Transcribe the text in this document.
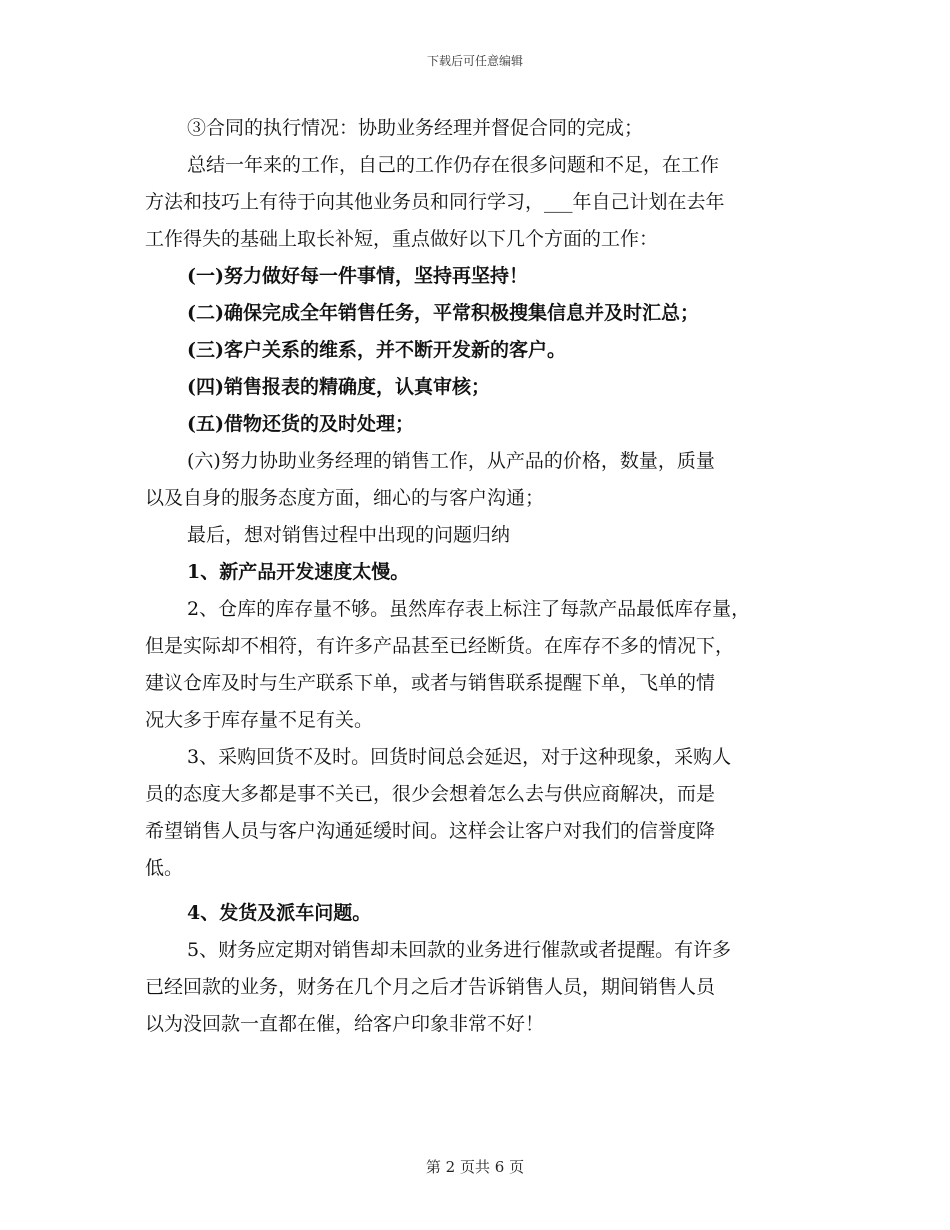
下载后可任意编辑
③合同的执行情况：协助业务经理并督促合同的完成；
总结一年来的工作，自己的工作仍存在很多问题和不足，在工作
方法和技巧上有待于向其他业务员和同行学习，___年自己计划在去年
工作得失的基础上取长补短，重点做好以下几个方面的工作：
(一)努力做好每一件事情，坚持再坚持！
(二)确保完成全年销售任务，平常积极搜集信息并及时汇总；
(三)客户关系的维系，并不断开发新的客户。
(四)销售报表的精确度，认真审核；
(五)借物还货的及时处理；
(六)努力协助业务经理的销售工作，从产品的价格，数量，质量
以及自身的服务态度方面，细心的与客户沟通；
最后，想对销售过程中出现的问题归纳
1、新产品开发速度太慢。
2、仓库的库存量不够。虽然库存表上标注了每款产品最低库存量，
但是实际却不相符，有许多产品甚至已经断货。在库存不多的情况下，
建议仓库及时与生产联系下单，或者与销售联系提醒下单，飞单的情
况大多于库存量不足有关。
3、采购回货不及时。回货时间总会延迟，对于这种现象，采购人
员的态度大多都是事不关已，很少会想着怎么去与供应商解决，而是
希望销售人员与客户沟通延缓时间。这样会让客户对我们的信誉度降
低。
4、发货及派车问题。
5、财务应定期对销售却未回款的业务进行催款或者提醒。有许多
已经回款的业务，财务在几个月之后才告诉销售人员，期间销售人员
以为没回款一直都在催，给客户印象非常不好！
第 2 页共 6 页
